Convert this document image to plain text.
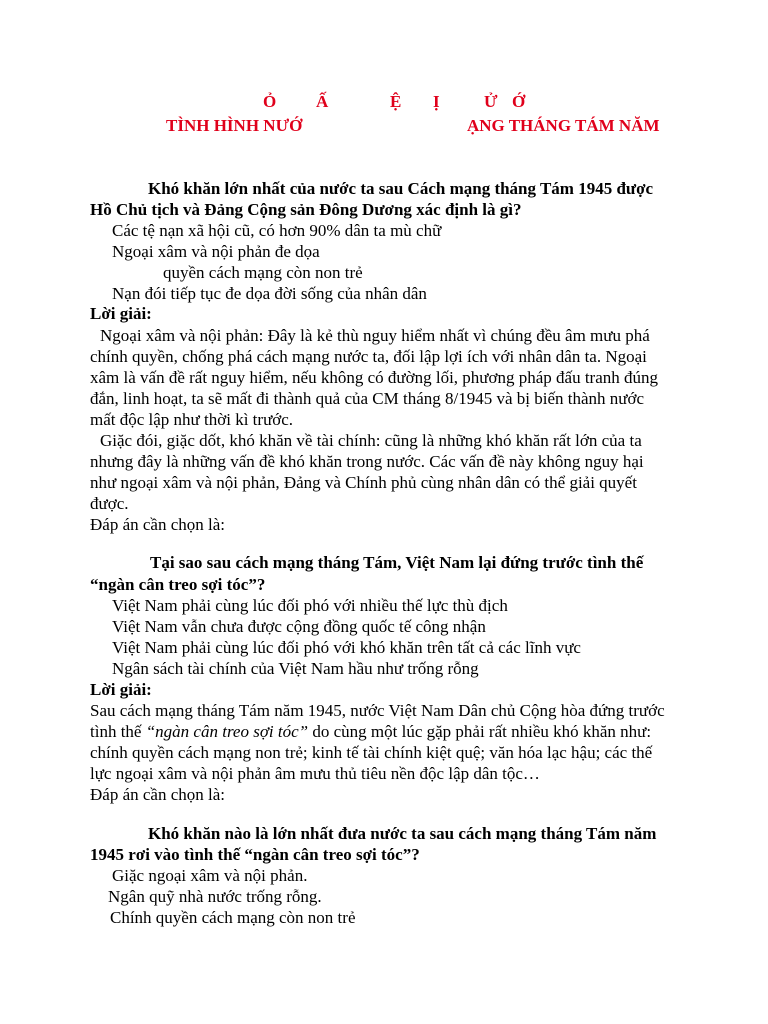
Ỏ Ấ	Ệ Ị	Ử Ớ
TÌNH HÌNH NƯỚ	ẠNG THÁNG TÁM NĂM
Khó khăn lớn nhất của nước ta sau Cách mạng tháng Tám 1945 được
Hồ Chủ tịch và Đảng Cộng sản Đông Dương xác định là gì?
Các tệ nạn xã hội cũ, có hơn 90% dân ta mù chữ
Ngoại xâm và nội phản đe dọa
quyền cách mạng còn non trẻ
Nạn đói tiếp tục đe dọa đời sống của nhân dân
Lời giải:
Ngoại xâm và nội phản: Đây là kẻ thù nguy hiểm nhất vì chúng đều âm mưu phá
chính quyền, chống phá cách mạng nước ta, đối lập lợi ích với nhân dân ta. Ngoại
xâm là vấn đề rất nguy hiểm, nếu không có đường lối, phương pháp đấu tranh đúng
đắn, linh hoạt, ta sẽ mất đi thành quả của CM tháng 8/1945 và bị biến thành nước
mất độc lập như thời kì trước.
Giặc đói, giặc dốt, khó khăn về tài chính: cũng là những khó khăn rất lớn của ta
nhưng đây là những vấn đề khó khăn trong nước. Các vấn đề này không nguy hại
như ngoại xâm và nội phản, Đảng và Chính phủ cùng nhân dân có thể giải quyết
được.
Đáp án cần chọn là:
Tại sao sau cách mạng tháng Tám, Việt Nam lại đứng trước tình thế
“ngàn cân treo sợi tóc”?
Việt Nam phải cùng lúc đối phó với nhiều thế lực thù địch
Việt Nam vẫn chưa được cộng đồng quốc tế công nhận
Việt Nam phải cùng lúc đối phó với khó khăn trên tất cả các lĩnh vực
Ngân sách tài chính của Việt Nam hầu như trống rỗng
Lời giải:
Sau cách mạng tháng Tám năm 1945, nước Việt Nam Dân chủ Cộng hòa đứng trước
tình thế “ngàn cân treo sợi tóc” do cùng một lúc gặp phải rất nhiều khó khăn như:
chính quyền cách mạng non trẻ; kinh tế tài chính kiệt quệ; văn hóa lạc hậu; các thế
lực ngoại xâm và nội phản âm mưu thủ tiêu nền độc lập dân tộc…
Đáp án cần chọn là:
Khó khăn nào là lớn nhất đưa nước ta sau cách mạng tháng Tám năm
1945 rơi vào tình thế “ngàn cân treo sợi tóc”?
Giặc ngoại xâm và nội phản.
Ngân quỹ nhà nước trống rỗng.
Chính quyền cách mạng còn non trẻ
